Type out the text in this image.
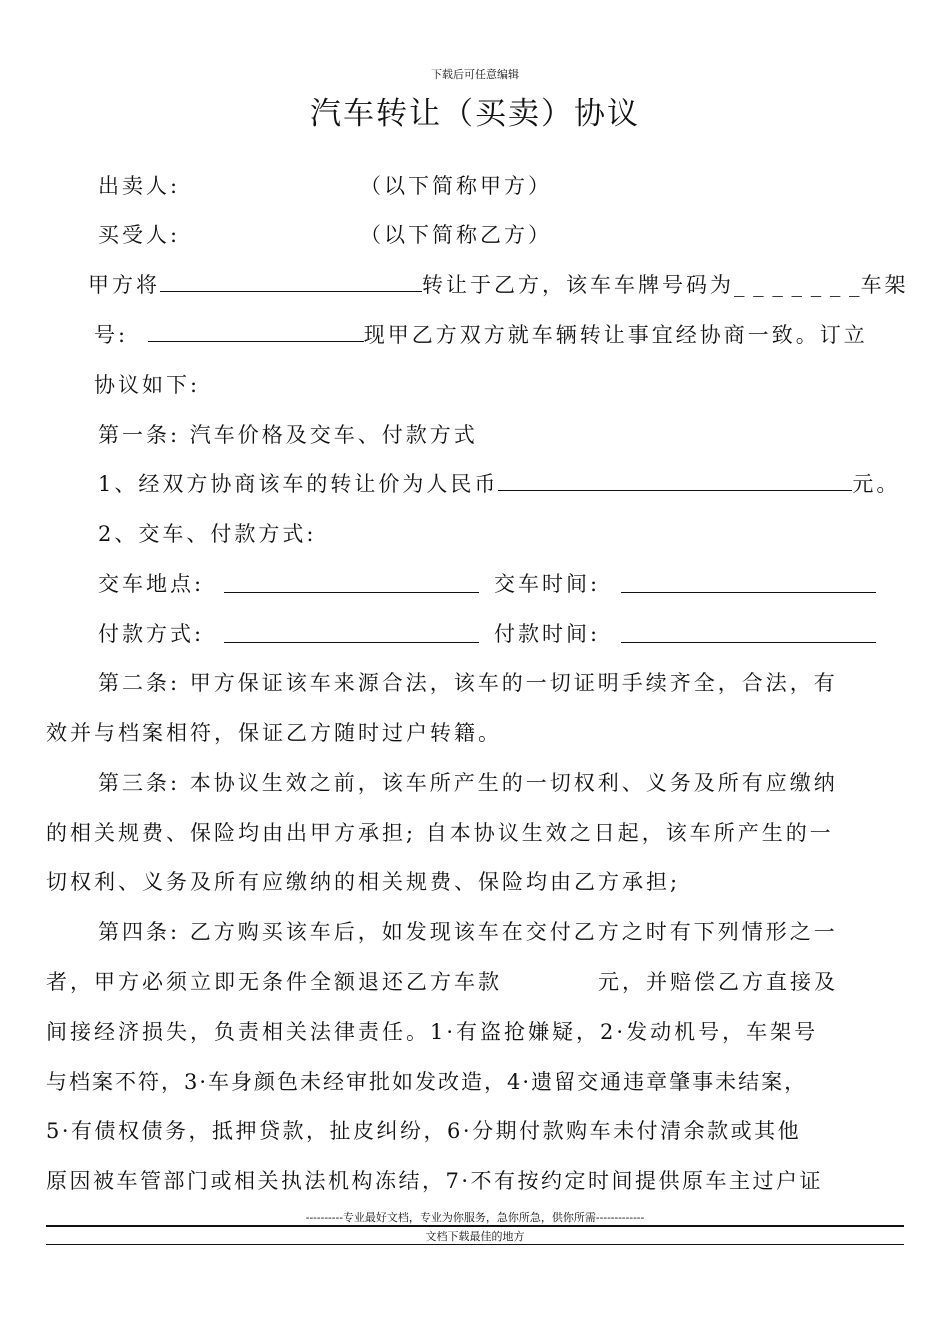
下载后可任意编辑
汽车转让（买卖）协议
出卖人:	（以下简称甲方）
买受人:	（以下简称乙方）
甲方将	转让于乙方，该车车牌号码为_ _ _ _ _ _ _车架
号:	现甲乙方双方就车辆转让事宜经协商一致。订立
协议如下:
第一条: 汽车价格及交车、付款方式
1、经双方协商该车的转让价为人民币	元。
2、交车、付款方式:
交车地点:	交车时间:
付款方式:	付款时间:
第二条: 甲方保证该车来源合法，该车的一切证明手续齐全，合法，有
效并与档案相符，保证乙方随时过户转籍。
第三条: 本协议生效之前，该车所产生的一切权利、义务及所有应缴纳
的相关规费、保险均由出甲方承担; 自本协议生效之日起，该车所产生的一
切权利、义务及所有应缴纳的相关规费、保险均由乙方承担;
第四条: 乙方购买该车后，如发现该车在交付乙方之时有下列情形之一
者，甲方必须立即无条件全额退还乙方车款	元，并赔偿乙方直接及
间接经济损失，负责相关法律责任。1·有盗抢嫌疑，2·发动机号，车架号
与档案不符，3·车身颜色未经审批如发改造，4·遗留交通违章肇事未结案，
5·有债权债务，抵押贷款，扯皮纠纷，6·分期付款购车未付清余款或其他
原因被车管部门或相关执法机构冻结，7·不有按约定时间提供原车主过户证
----------专业最好文档，专业为你服务，急你所急，供你所需-------------
文档下载最佳的地方
